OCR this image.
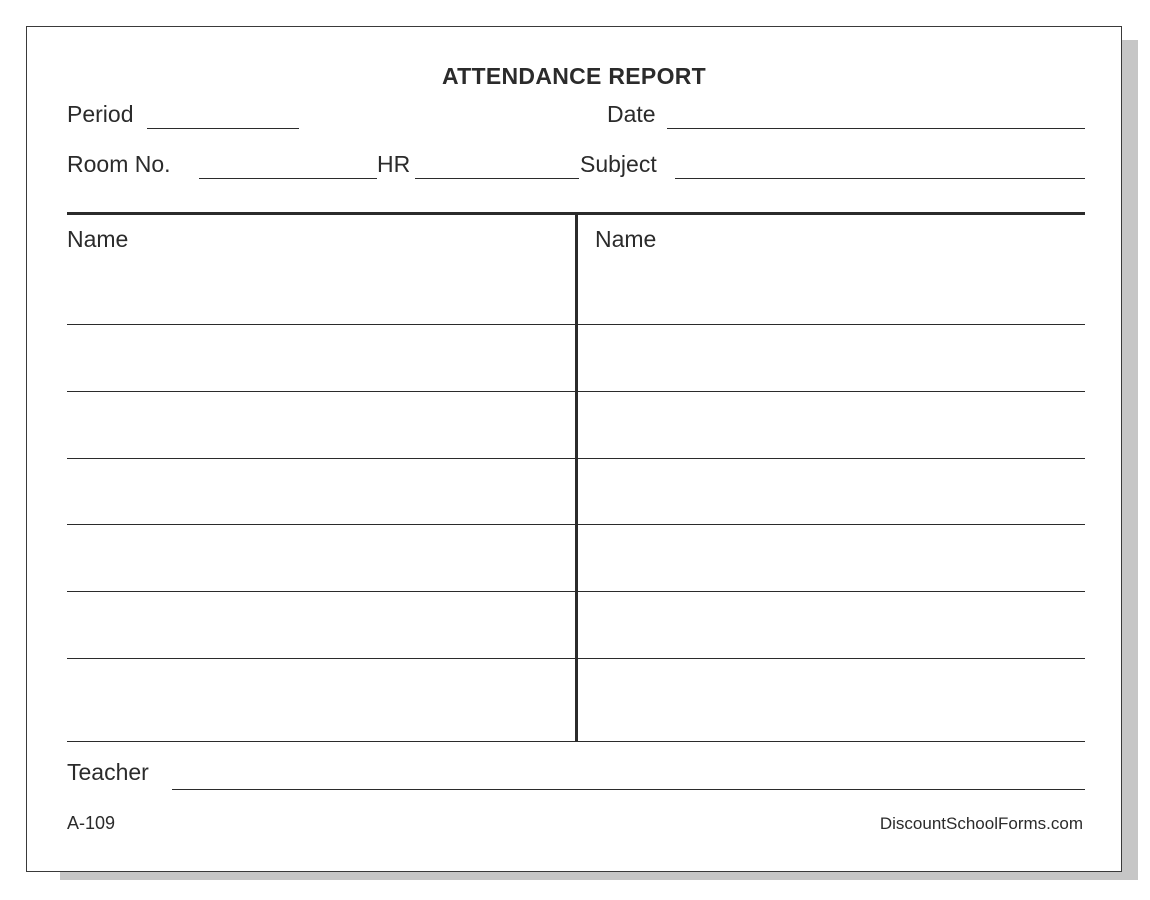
ATTENDANCE REPORT
Period	Date
Room No.	HR	Subject
Name	Name
Teacher
A-109	DiscountSchoolForms.com
